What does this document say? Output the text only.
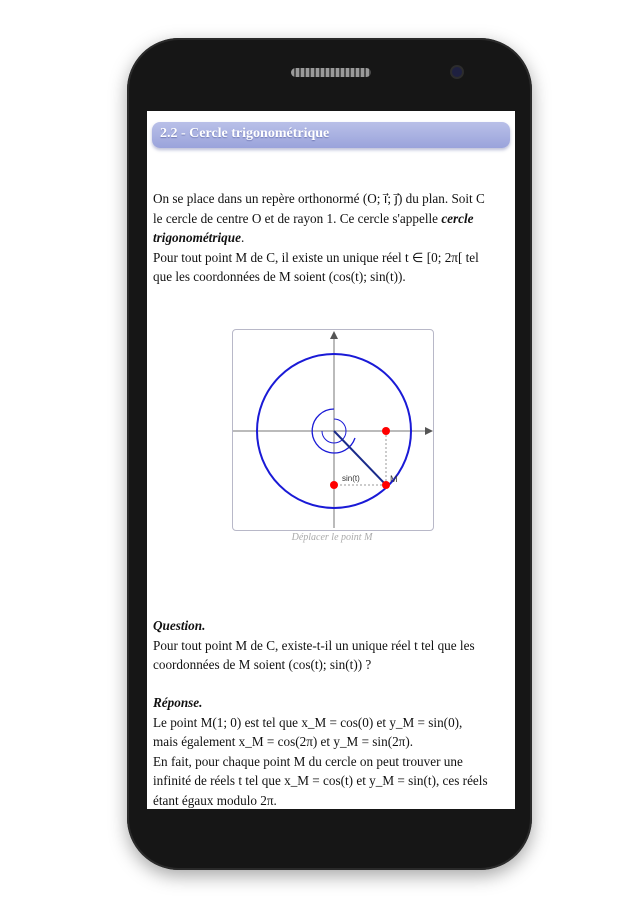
2.2 - Cercle trigonométrique
On se place dans un repère orthonormé (O; i⃗; j⃗) du plan. Soit C
le cercle de centre O et de rayon 1. Ce cercle s'appelle cercle
trigonométrique.
Pour tout point M de C, il existe un unique réel t ∈ [0; 2π[ tel
que les coordonnées de M soient (cos(t); sin(t)).
sin(t)	M
Déplacer le point M
Question.
Pour tout point M de C, existe-t-il un unique réel t tel que les
coordonnées de M soient (cos(t); sin(t)) ?
Réponse.
Le point M(1; 0) est tel que x_M = cos(0) et y_M = sin(0),
mais également x_M = cos(2π) et y_M = sin(2π).
En fait, pour chaque point M du cercle on peut trouver une
infinité de réels t tel que x_M = cos(t) et y_M = sin(t), ces réels
étant égaux modulo 2π.
